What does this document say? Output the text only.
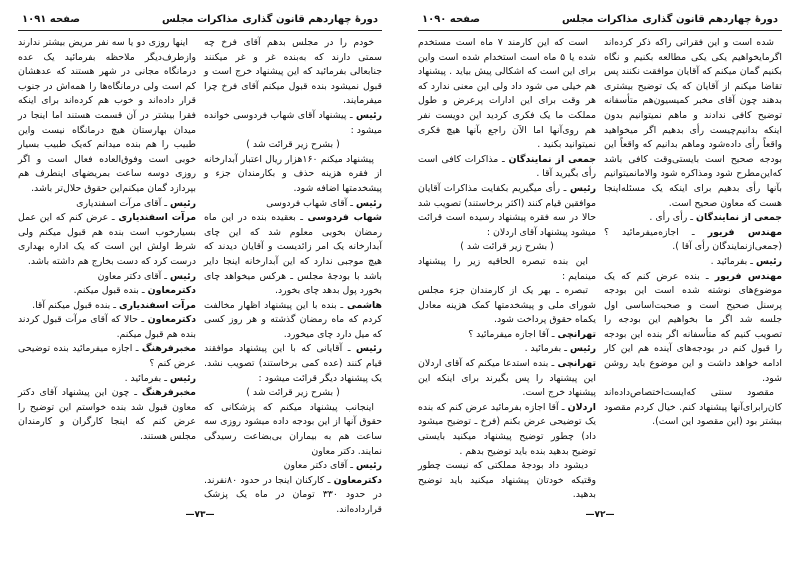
دورهٔ چهاردهم قانون گذاری
مذاکرات مجلس
صفحه ۱۰۹۱

خودم را در مجلس بدهم آقای فرخ چه سمتی دارند که به‌بنده غر و غر میکنند جنابعالی بفرمائید که این پیشنهاد خرج است و قبول نمیشود بنده قبول میکنم آقای فرخ چرا میفرمایند.

رئیس ـ پیشنهاد آقای شهاب فردوسی خوانده میشود :

( بشرح زیر قرائت شد )

پیشنهاد میکنم ۱۶۰هزار ریال اعتبار آبدارخانه از فقره هزینه حذف و بکارمندان جزء و پیشخدمتها اضافه شود.

رئیس ـ آقای شهاب فردوسی

شهاب فردوسی ـ بعقیده بنده در این ماه رمضان بخوبی معلوم شد که این چای آبدارخانه یک امر زائدیست و آقایان دیدند که هیچ موجبی ندارد که این آبدارخانه اینجا دایر باشد با بودجهٔ مجلس ـ هرکس میخواهد چای بخورد پول بدهد چای بخورد.

هاشمی ـ بنده با این پیشنهاد اظهار مخالفت کردم که ماه رمضان گذشته و هر روز کسی که میل دارد چای میخورد.

رئیس ـ آقایانی که با این پیشنهاد موافقند قیام کنند (عده کمی برخاستند) تصویب نشد. یک پیشنهاد دیگر قرائت میشود :

( بشرح زیر قرائت شد )

اینجانب پیشنهاد میکنم که پزشکانی که حقوق آنها از این بودجه داده میشود روزی سه ساعت هم به بیماران بی‌بضاعت رسیدگی نمایند. دکتر معاون

رئیس ـ آقای دکتر معاون

دکترمعاون ـ کارکنان اینجا در حدود ۸۰نفرند. در حدود ۳۳۰ تومان در ماه یک پزشک قرارداده‌اند.

اینها روزی دو یا سه نفر مریض بیشتر ندارند وازطرف‌دیگر ملاحظه بفرمائید یک عده درمانگاه مجانی در شهر هستند که عدهشان کم است ولی درمانگاه‌ها را همه‌اش در جنوب قرار داده‌اند و خوب هم کرده‌اند برای اینکه فقرا بیشتر در آن قسمت هستند اما اینجا در میدان بهارستان هیچ درمانگاه نیست واین طبیب را هم بنده میدانم که‌یک طبیب بسیار خوبی است وفوق‌العاده فعال است و اگر روزی دوسه ساعت بمریضهای اینطرف هم بپردازد گمان میکنم‌این حقوق حلال‌تر باشد.

رئیس ـ آقای مرآت اسفندیاری

مرآت اسفندیاری ـ عرض کنم که این عمل بسیارخوب است بنده هم قبول میکنم ولی شرط اولش این است که یک اداره بهداری درست کرد که دست بخارج هم داشته باشد.

رئیس ـ آقای دکتر معاون

دکترمعاون ـ بنده قبول میکنم.

مرآت اسفندیاری ـ بنده قبول میکنم آقا.

دکترمعاون ـ حالا که آقای مرآت قبول کردند بنده هم قبول میکنم.

مخبرفرهنگ ـ اجازه میفرمائید بنده توضیحی عرض کنم ؟

رئیس ـ بفرمائید .

مخبرفرهنگ ـ چون این پیشنهاد آقای دکتر معاون قبول شد بنده خواستم این توضیح را عرض کنم که اینجا کارگران و کارمندان مجلس هستند.

—۷۳—
دورهٔ چهاردهم قانون گذاری
مذاکرات مجلس
صفحه ۱۰۹۰

شده است و این فقراتی راکه ذکر کرده‌اند اگرمایخواهیم یکی یکی مطالعه بکنیم و نگاه بکنیم گمان میکنم که آقایان موافقت نکنند پس تقاضا میکنم از آقایان که یک توضیح بیشتری بدهند چون آقای مخبر کمیسیون‌هم متأسفانه توضیح کافی ندادند و ماهم نمیتوانیم بدون اینکه بدانیم‌چیست رأی بدهیم اگر میخواهید واقعاً رأی داده‌شود وماهم بدانیم که واقعاً این بودجه صحیح است بایستی‌وقت کافی باشد که‌این‌مطرح شود ومذاکره شود والاما‌نمیتوانیم بآنها رأی بدهیم برای اینکه یک مسئله‌اینجا هست که معاون صحیح است.

جمعی از نمایندگان ـ رأی رأی .

مهندس فریور ـ اجازه‌میفرمائید ؟ (جمعی‌ازنمایندگان رأی آقا ).

رئیس ـ بفرمائید .

مهندس فریور ـ بنده عرض کنم که یک موضوع‌های نوشته شده است این بودجه پرسنل صحیح است و صحبت‌اساسی اول جلسه شد اگر ما بخواهیم این بودجه را تصویب کنیم که متأسفانه اگر بنده این بودجه را قبول کنم در بودجه‌های آینده هم این کار ادامه خواهد داشت و این موضوع باید روشن شود.

مقصود سنتی که‌ایست‌اختصاص‌داده‌اند کان‌را‌برای‌آنها پیشنهاد کنم. خیال کردم مقصود بیشتر بود (این مقصود این است).

است که این کارمند ۷ ماه است مستخدم شده یا ۵ ماه است استخدام شده است واین برای این است که اشکالی پیش بیاید . پیشنهاد هم خیلی می شود داد ولی این معنی ندارد که هر وقت برای این ادارات پرعرض و طول مملکت ما یک فکری کردید این دویست نفر هم روی‌آنها اما الآن راجع بآنها هیچ فکری نمیتوانید بکنید .

جمعی از نمایندگان ـ مذاکرات کافی است رأی بگیرید آقا .

رئیس ـ رأی میگیریم بکفایت مذاکرات آقایان موافقین قیام کنند (اکثر برخاستند) تصویب شد حالا در سه فقره پیشنهاد رسیده است قرائت میشود پیشنهاد آقای اردلان :

( بشرح زیر قرائت شد )

این بنده تبصره الحاقیه زیر را پیشنهاد مینمایم :

تبصره ـ بهر یک از کارمندان جزء مجلس شورای ملی و پیشخدمتها کمک هزینه معادل یکماه حقوق پرداخت شود.

تهرانچی ـ آقا اجازه میفرمائید ؟

رئیس ـ بفرمائید .

تهرانچی ـ بنده استدعا میکنم که آقای اردلان این پیشنهاد را پس بگیرند برای اینکه این پیشنهاد خرج است.

اردلان ـ آقا اجازه بفرمائید عرض کنم که بنده یک توضیحی عرض بکنم (فرخ ـ توضیح میشود داد) چطور توضیح پیشنهاد میکنید بایستی توضیح بدهید بنده باید توضیح بدهم .

دیشود داد بودجهٔ مملکتی که نیست چطور وقتیکه خودتان پیشنهاد میکنید باید توضیح بدهید.

—۷۲—
